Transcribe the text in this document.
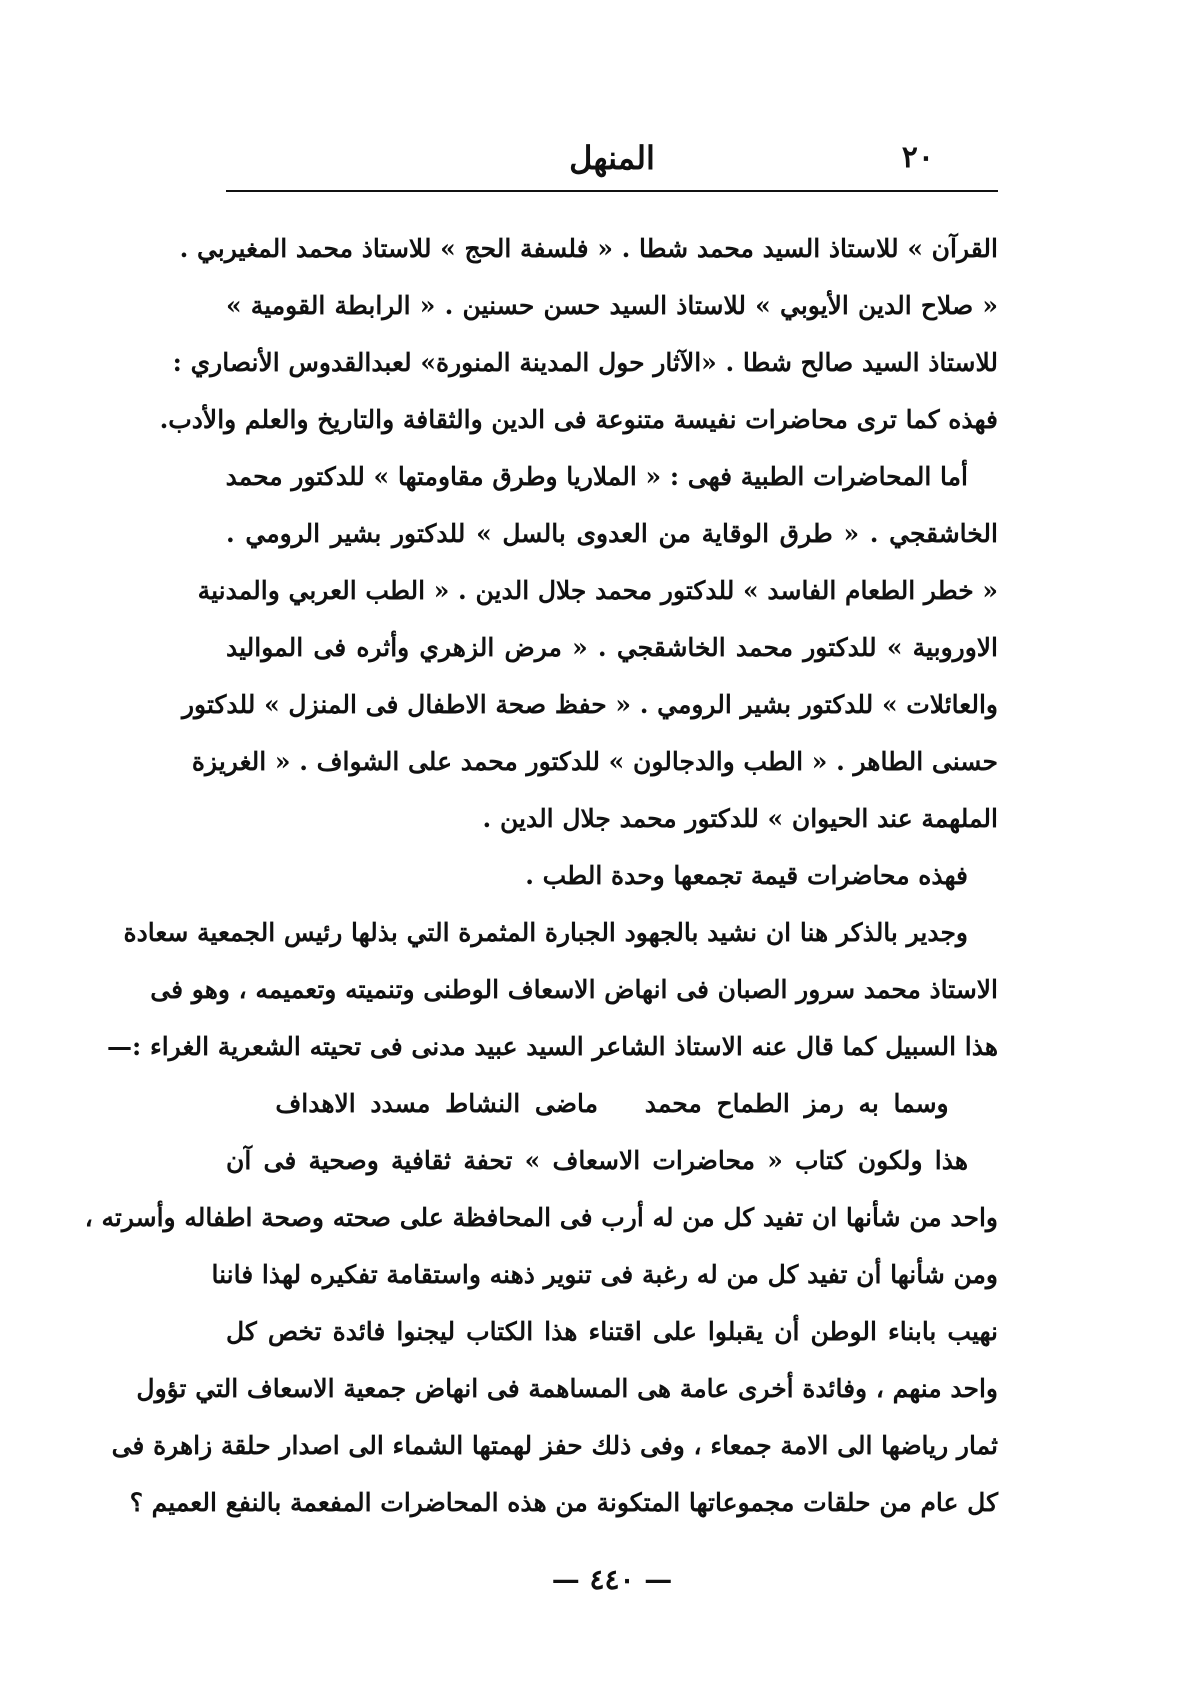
المنهل	٢٠
القرآن » للاستاذ السيد محمد شطا . « فلسفة الحج » للاستاذ محمد المغيربي .
« صلاح الدين الأيوبي » للاستاذ السيد حسن حسنين . « الرابطة القومية »
للاستاذ السيد صالح شطا . «الآثار حول المدينة المنورة» لعبدالقدوس الأنصاري :
فهذه كما ترى محاضرات نفيسة متنوعة فى الدين والثقافة والتاريخ والعلم والأدب.
أما المحاضرات الطبية فهى : « الملاريا وطرق مقاومتها » للدكتور محمد
الخاشقجي . « طرق الوقاية من العدوى بالسل » للدكتور بشير الرومي .
« خطر الطعام الفاسد » للدكتور محمد جلال الدين . « الطب العربي والمدنية
الاوروبية » للدكتور محمد الخاشقجي . « مرض الزهري وأثره فى المواليد
والعائلات » للدكتور بشير الرومي . « حفظ صحة الاطفال فى المنزل » للدكتور
حسنى الطاهر . « الطب والدجالون » للدكتور محمد على الشواف . « الغريزة
الملهمة عند الحيوان » للدكتور محمد جلال الدين .
فهذه محاضرات قيمة تجمعها وحدة الطب .
وجدير بالذكر هنا ان نشيد بالجهود الجبارة المثمرة التي بذلها رئيس الجمعية سعادة
الاستاذ محمد سرور الصبان فى انهاض الاسعاف الوطنى وتنميته وتعميمه ، وهو فى
هذا السبيل كما قال عنه الاستاذ الشاعر السيد عبيد مدنى فى تحيته الشعرية الغراء :—
وسما به رمز الطماح محمد ماضى النشاط مسدد الاهداف
هذا ولكون كتاب « محاضرات الاسعاف » تحفة ثقافية وصحية فى آن
واحد من شأنها ان تفيد كل من له أرب فى المحافظة على صحته وصحة اطفاله وأسرته ،
ومن شأنها أن تفيد كل من له رغبة فى تنوير ذهنه واستقامة تفكيره لهذا فاننا
نهيب بابناء الوطن أن يقبلوا على اقتناء هذا الكتاب ليجنوا فائدة تخص كل
واحد منهم ، وفائدة أخرى عامة هى المساهمة فى انهاض جمعية الاسعاف التي تؤول
ثمار رياضها الى الامة جمعاء ، وفى ذلك حفز لهمتها الشماء الى اصدار حلقة زاهرة فى
كل عام من حلقات مجموعاتها المتكونة من هذه المحاضرات المفعمة بالنفع العميم ؟
— ٤٤٠ —
